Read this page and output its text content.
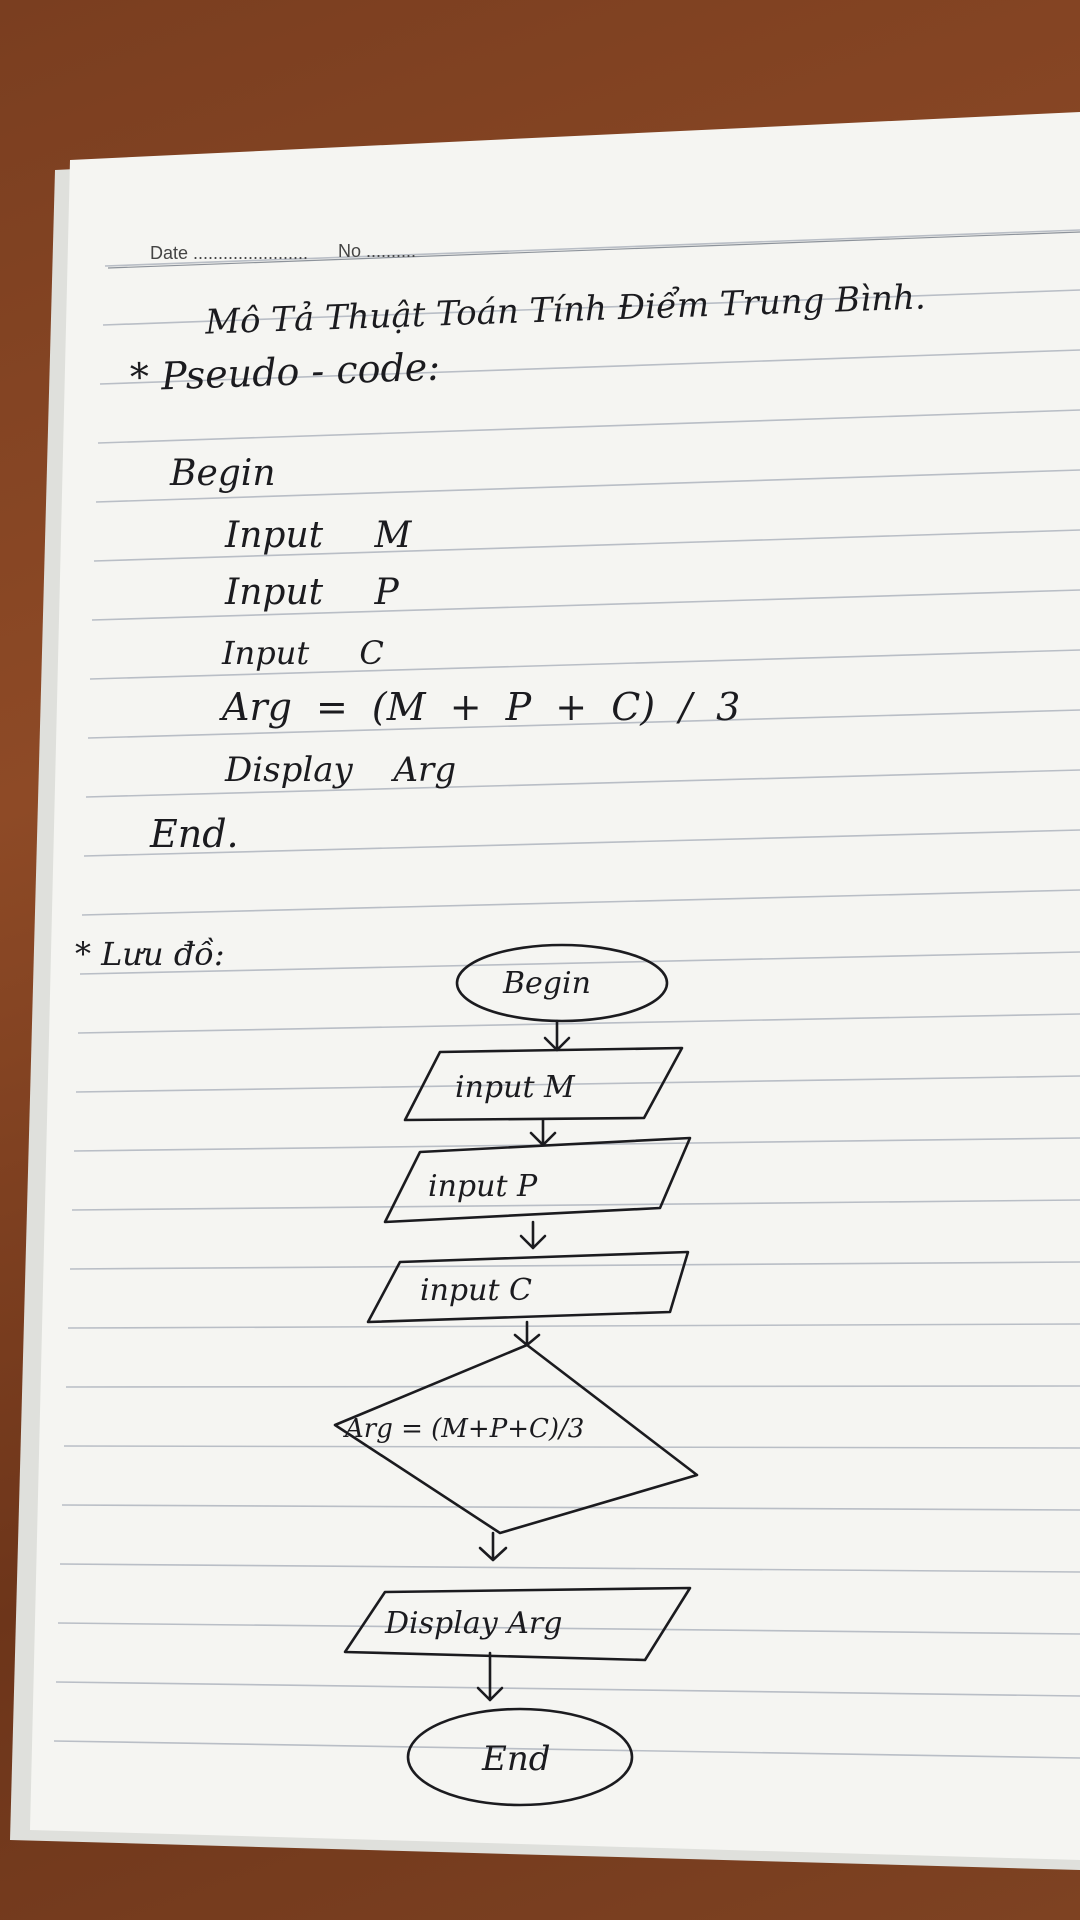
Date ....................... No ..........

Mô Tả Thuật Toán Tính Điểm Trung Bình.

* Pseudo - code:

Begin

Input M

Input P

Input C

Arg = (M + P + C) / 3

Display Arg

End.

* Lưu đồ:

Begin
input M
input P
input C
Arg = (M+P+C)/3
Display Arg
End
